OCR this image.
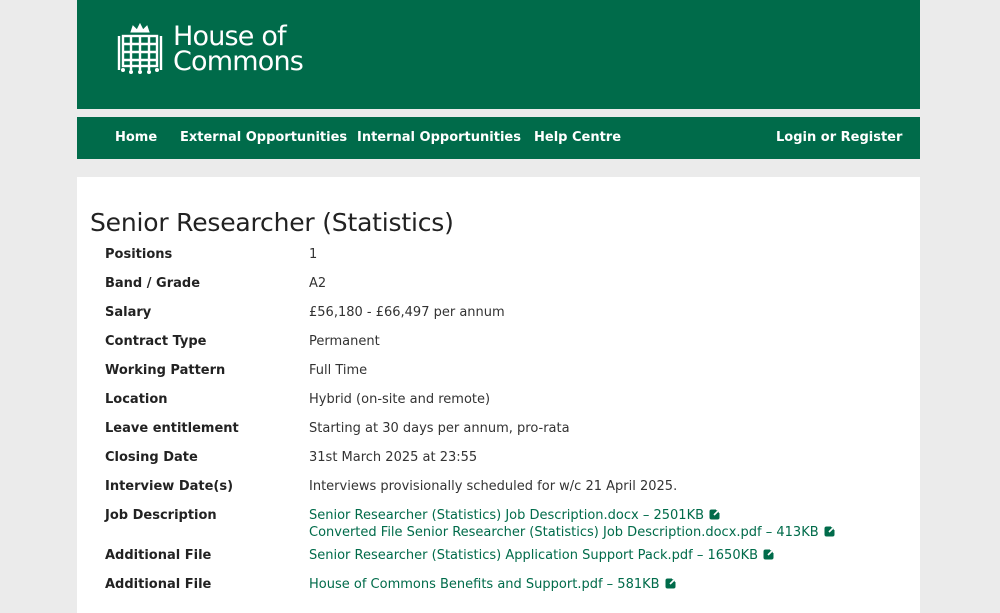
House of
Commons
Home External Opportunities Internal Opportunities Help Centre	Login or Register
Senior Researcher (Statistics)
Positions	1
Band / Grade	A2
Salary	£56,180 - £66,497 per annum
Contract Type	Permanent
Working Pattern	Full Time
Location	Hybrid (on-site and remote)
Leave entitlement	Starting at 30 days per annum, pro-rata
Closing Date	31st March 2025 at 23:55
Interview Date(s)	Interviews provisionally scheduled for w/c 21 April 2025.
Job Description	Senior Researcher (Statistics) Job Description.docx – 2501KB
Converted File Senior Researcher (Statistics) Job Description.docx.pdf – 413KB
Additional File	Senior Researcher (Statistics) Application Support Pack.pdf – 1650KB
Additional File	House of Commons Benefits and Support.pdf – 581KB
